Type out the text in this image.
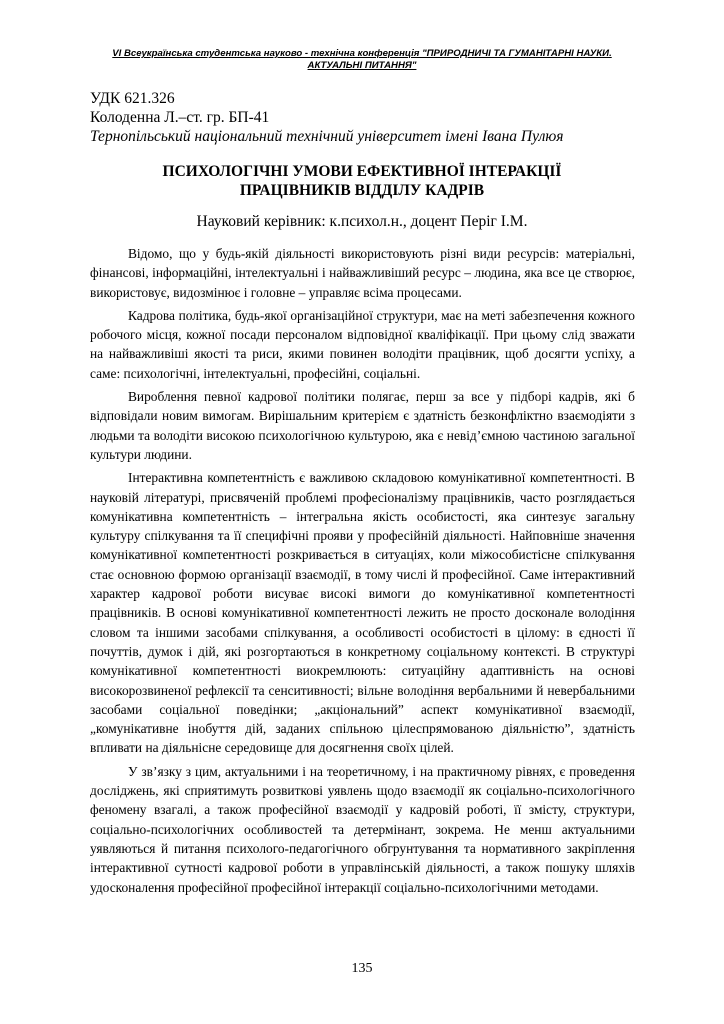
VI Всеукраїнська студентська науково - технічна конференція "ПРИРОДНИЧІ ТА ГУМАНІТАРНІ НАУКИ.
АКТУАЛЬНІ ПИТАННЯ"
УДК 621.326
Колоденна Л.–ст. гр. БП-41
Тернопільський національний технічний університет імені Івана Пулюя
ПСИХОЛОГІЧНІ УМОВИ ЕФЕКТИВНОЇ ІНТЕРАКЦІЇ
ПРАЦІВНИКІВ ВІДДІЛУ КАДРІВ
Науковий керівник: к.психол.н., доцент Періг І.М.

Відомо, що у будь-якій діяльності використовують різні види ресурсів: матеріальні, фінансові, інформаційні, інтелектуальні і найважливіший ресурс – людина, яка все це створює, використовує, видозмінює і головне – управляє всіма процесами.

Кадрова політика, будь-якої організаційної структури, має на меті забезпечення кожного робочого місця, кожної посади персоналом відповідної кваліфікації. При цьому слід зважати на найважливіші якості та риси, якими повинен володіти працівник, щоб досягти успіху, а саме: психологічні, інтелектуальні, професійні, соціальні.

Вироблення певної кадрової політики полягає, перш за все у підборі кадрів, які б відповідали новим вимогам. Вирішальним критерієм є здатність безконфліктно взаємодіяти з людьми та володіти високою психологічною культурою, яка є невід’ємною частиною загальної культури людини.

Інтерактивна компетентність є важливою складовою комунікативної компетентності. В науковій літературі, присвяченій проблемі професіоналізму працівників, часто розглядається комунікативна компетентність – інтегральна якість особистості, яка синтезує загальну культуру спілкування та її специфічні прояви у професійній діяльності. Найповніше значення комунікативної компетентності розкривається в ситуаціях, коли міжособистісне спілкування стає основною формою організації взаємодії, в тому числі й професійної. Саме інтерактивний характер кадрової роботи висуває високі вимоги до комунікативної компетентності працівників. В основі комунікативної компетентності лежить не просто досконале володіння словом та іншими засобами спілкування, а особливості особистості в цілому: в єдності її почуттів, думок і дій, які розгортаються в конкретному соціальному контексті. В структурі комунікативної компетентності виокремлюють: ситуаційну адаптивність на основі високорозвиненої рефлексії та сенситивності; вільне володіння вербальними й невербальними засобами соціальної поведінки; „акціональний” аспект комунікативної взаємодії, „комунікативне інобуття дій, заданих спільною цілеспрямованою діяльністю”, здатність впливати на діяльнісне середовище для досягнення своїх цілей.

У зв’язку з цим, актуальними і на теоретичному, і на практичному рівнях, є проведення досліджень, які сприятимуть розвиткові уявлень щодо взаємодії як соціально-психологічного феномену взагалі, а також професійної взаємодії у кадровій роботі, її змісту, структури, соціально-психологічних особливостей та детермінант, зокрема. Не менш актуальними уявляються й питання психолого-педагогічного обгрунтування та нормативного закріплення інтерактивної сутності кадрової роботи в управлінській діяльності, а також пошуку шляхів удосконалення професійної професійної інтеракції соціально-психологічними методами.

135
